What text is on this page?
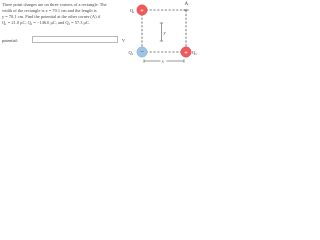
Three point charges are on three corners of a rectangle. The
width of the rectangle is x = 70.1 cm and the length is
y = 70.1 cm. Find the potential at the other corner (A) if
Q₁ = 21.0 μC, Q₂ = −146.0 μC, and Q₃ = 57.3 μC.
potential:	V
A
y
x
Q₁ +
Q₂ −	+ Q₃
